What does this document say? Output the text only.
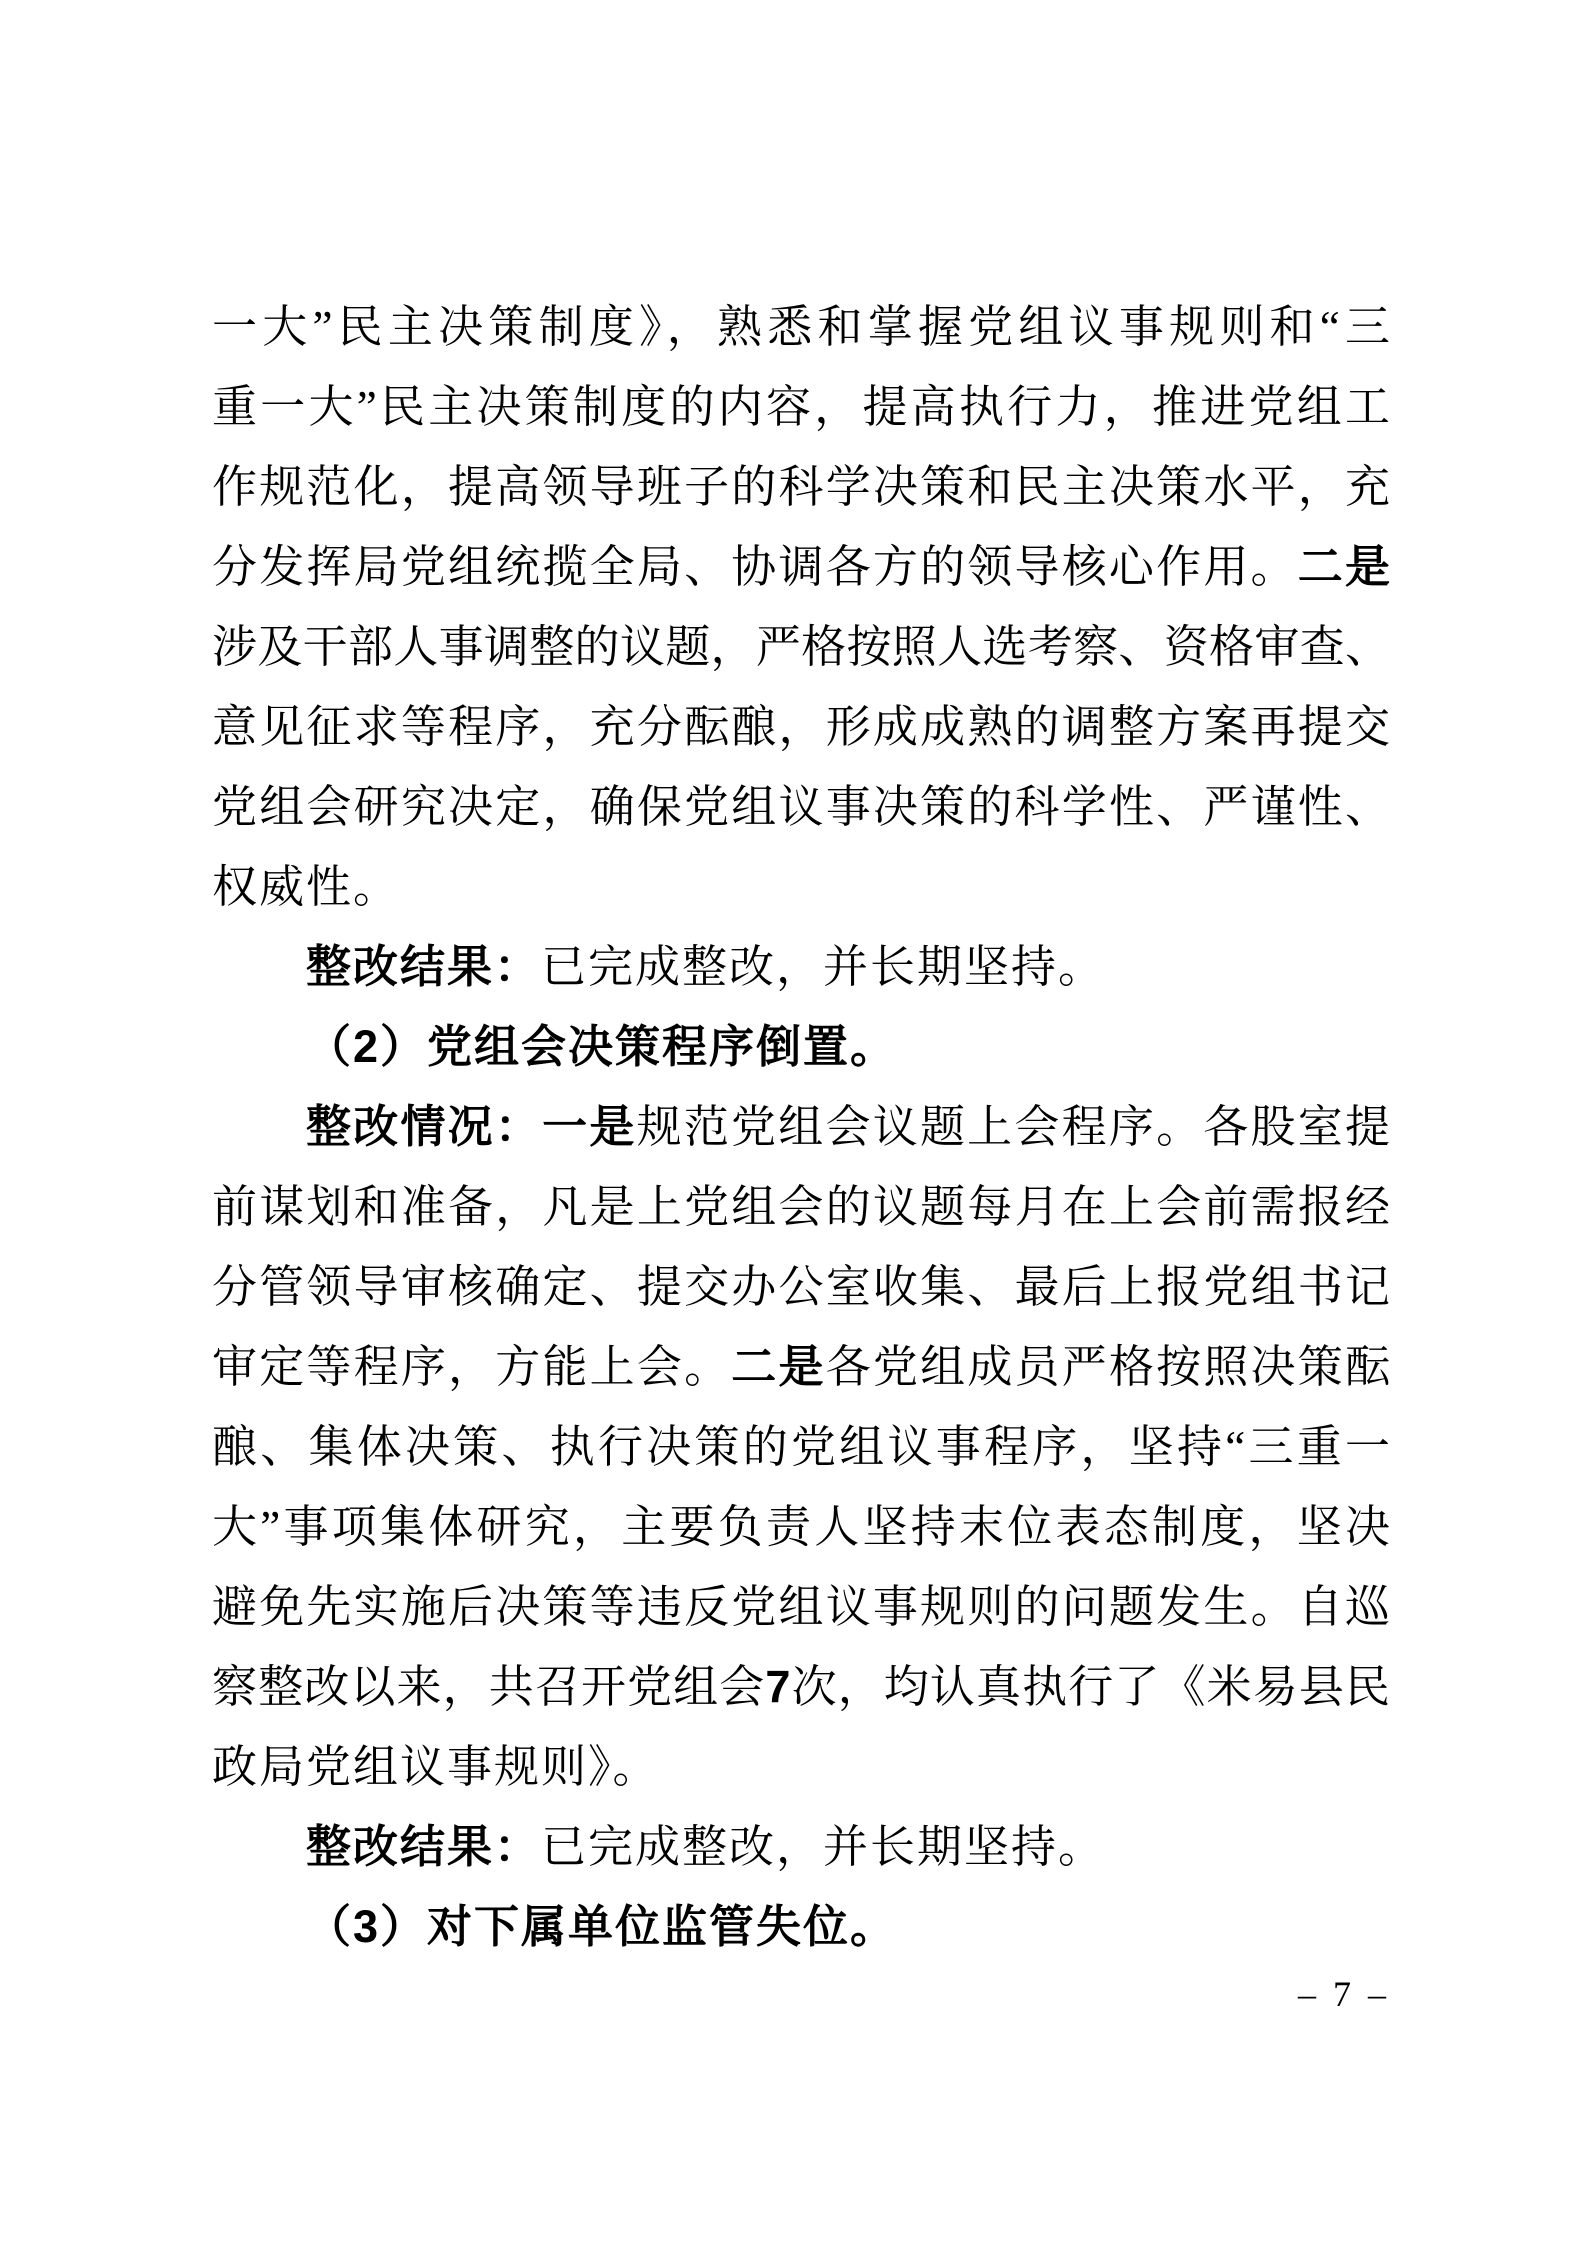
一大”民主决策制度》，熟悉和掌握党组议事规则和“三
重一大”民主决策制度的内容，提高执行力，推进党组工
作规范化，提高领导班子的科学决策和民主决策水平，充
分发挥局党组统揽全局、协调各方的领导核心作用。二是
涉及干部人事调整的议题，严格按照人选考察、资格审查、
意见征求等程序，充分酝酿，形成成熟的调整方案再提交
党组会研究决定，确保党组议事决策的科学性、严谨性、
权威性。
整改结果：已完成整改，并长期坚持。
（2）党组会决策程序倒置。
整改情况：一是规范党组会议题上会程序。各股室提
前谋划和准备，凡是上党组会的议题每月在上会前需报经
分管领导审核确定、提交办公室收集、最后上报党组书记
审定等程序，方能上会。二是各党组成员严格按照决策酝
酿、集体决策、执行决策的党组议事程序，坚持“三重一
大”事项集体研究，主要负责人坚持末位表态制度，坚决
避免先实施后决策等违反党组议事规则的问题发生。自巡
察整改以来，共召开党组会7次，均认真执行了《米易县民
政局党组议事规则》。
整改结果：已完成整改，并长期坚持。
（3）对下属单位监管失位。
– 7 –
